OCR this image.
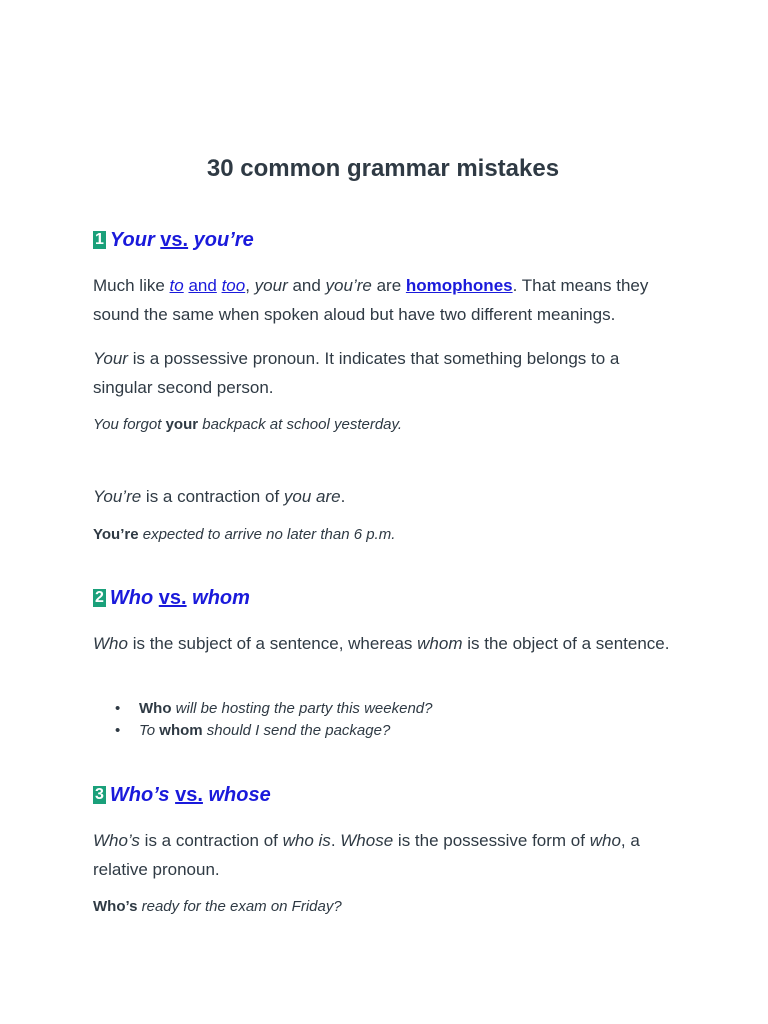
30 common grammar mistakes
1 Your vs. you’re

Much like to and too, your and you’re are homophones. That means they sound the same when spoken aloud but have two different meanings.

Your is a possessive pronoun. It indicates that something belongs to a singular second person.

You forgot your backpack at school yesterday.

You’re is a contraction of you are.

You’re expected to arrive no later than 6 p.m.

2 Who vs. whom

Who is the subject of a sentence, whereas whom is the object of a sentence.

• Who will be hosting the party this weekend?
• To whom should I send the package?
3 Who’s vs. whose

Who’s is a contraction of who is. Whose is the possessive form of who, a relative pronoun.

Who’s ready for the exam on Friday?
